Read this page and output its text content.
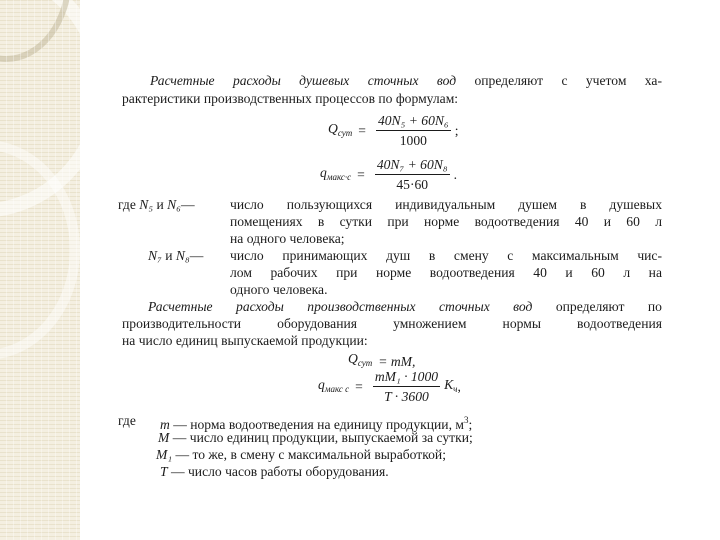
Расчетные расходы душевых сточных вод определяют с учетом ха-
рактеристики производственных процессов по формулам:
$Q_{сут} = \frac{\text{40N₅ + 60N₆}}{1000}$ ;
$q_{макс\cdot с} = \frac{\text{40N₇ + 60N₈}}{45\cdot 60}$ .
где N₅ и N₆—	число пользующихся индивидуальным душем в душевых
помещениях в сутки при норме водоотведения 40 и 60 л
на одного человека;
N₇ и N₈— число принимающих душ в смену с максимальным чис-
лом рабочих при норме водоотведения 40 и 60 л на
одного человека.
Расчетные расходы производственных сточных вод определяют по
производительности оборудования умножением нормы водоотведения
на число единиц выпускаемой продукции:
$Q_{сут}$ = mM,
$q_{макс с} = \frac{\text{mM₁ · 1000}}{T \cdot 3600} K_ч$ ,
где m — норма водоотведения на единицу продукции, $м^3$;
M — число единиц продукции, выпускаемой за сутки;
M₁ — то же, в смену с максимальной выработкой;
T — число часов работы оборудования.
